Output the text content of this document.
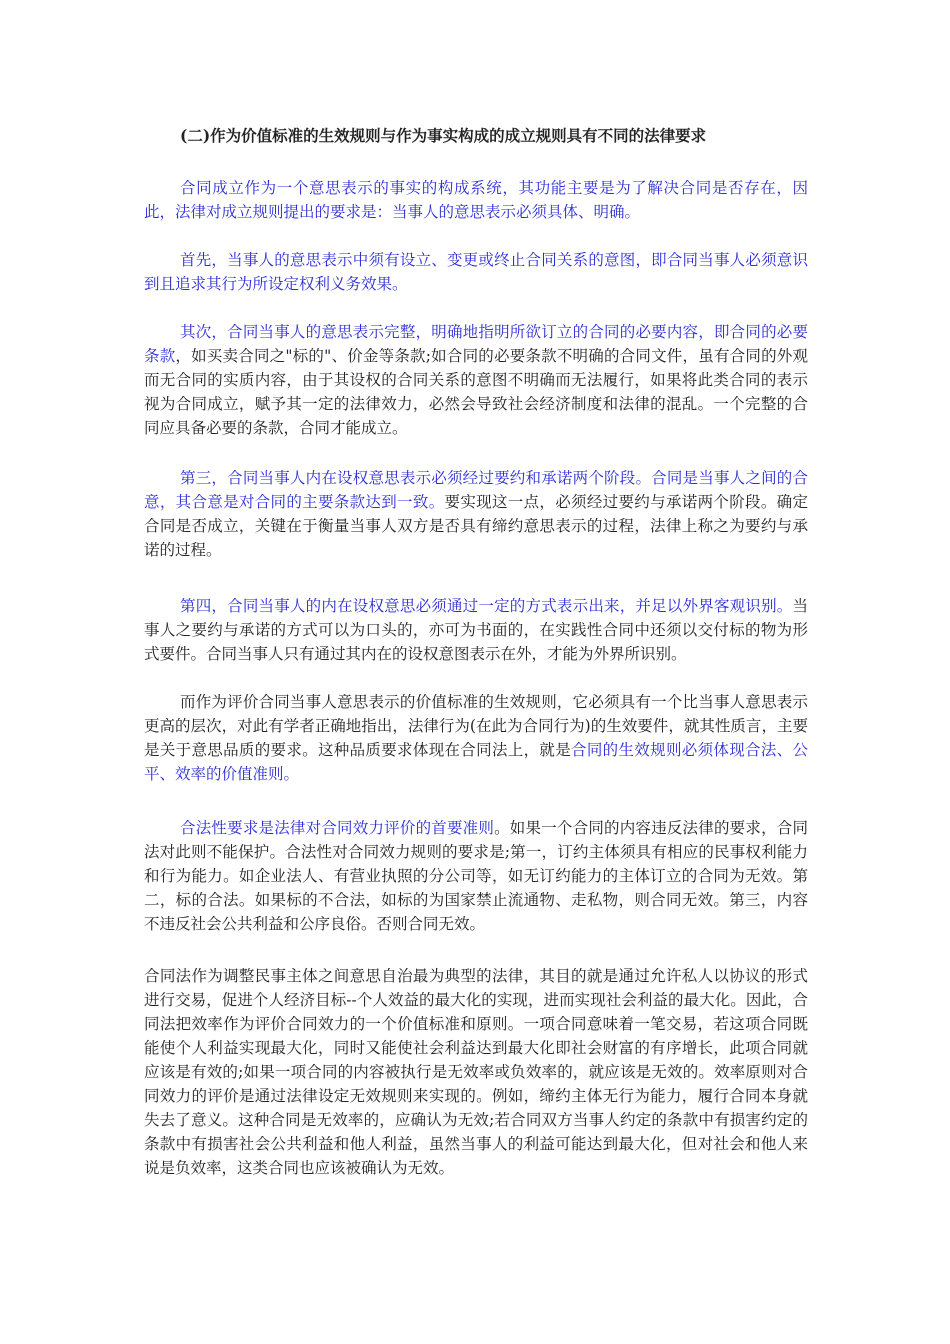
(二)作为价值标准的生效规则与作为事实构成的成立规则具有不同的法律要求

合同成立作为一个意思表示的事实的构成系统，其功能主要是为了解决合同是否存在，因此，法律对成立规则提出的要求是：当事人的意思表示必须具体、明确。

首先，当事人的意思表示中须有设立、变更或终止合同关系的意图，即合同当事人必须意识到且追求其行为所设定权利义务效果。

其次，合同当事人的意思表示完整，明确地指明所欲订立的合同的必要内容，即合同的必要条款，如买卖合同之"标的"、价金等条款;如合同的必要条款不明确的合同文件，虽有合同的外观而无合同的实质内容，由于其设权的合同关系的意图不明确而无法履行，如果将此类合同的表示视为合同成立，赋予其一定的法律效力，必然会导致社会经济制度和法律的混乱。一个完整的合同应具备必要的条款，合同才能成立。

第三，合同当事人内在设权意思表示必须经过要约和承诺两个阶段。合同是当事人之间的合意，其合意是对合同的主要条款达到一致。要实现这一点，必须经过要约与承诺两个阶段。确定合同是否成立，关键在于衡量当事人双方是否具有缔约意思表示的过程，法律上称之为要约与承诺的过程。

第四，合同当事人的内在设权意思必须通过一定的方式表示出来，并足以外界客观识别。当事人之要约与承诺的方式可以为口头的，亦可为书面的，在实践性合同中还须以交付标的物为形式要件。合同当事人只有通过其内在的设权意图表示在外，才能为外界所识别。

而作为评价合同当事人意思表示的价值标准的生效规则，它必须具有一个比当事人意思表示更高的层次，对此有学者正确地指出，法律行为(在此为合同行为)的生效要件，就其性质言，主要是关于意思品质的要求。这种品质要求体现在合同法上，就是合同的生效规则必须体现合法、公平、效率的价值准则。

合法性要求是法律对合同效力评价的首要准则。如果一个合同的内容违反法律的要求，合同法对此则不能保护。合法性对合同效力规则的要求是;第一，订约主体须具有相应的民事权利能力和行为能力。如企业法人、有营业执照的分公司等，如无订约能力的主体订立的合同为无效。第二，标的合法。如果标的不合法，如标的为国家禁止流通物、走私物，则合同无效。第三，内容不违反社会公共利益和公序良俗。否则合同无效。

合同法作为调整民事主体之间意思自治最为典型的法律，其目的就是通过允许私人以协议的形式进行交易，促进个人经济目标--个人效益的最大化的实现，进而实现社会利益的最大化。因此，合同法把效率作为评价合同效力的一个价值标准和原则。一项合同意味着一笔交易，若这项合同既能使个人利益实现最大化，同时又能使社会利益达到最大化即社会财富的有序增长，此项合同就应该是有效的;如果一项合同的内容被执行是无效率或负效率的，就应该是无效的。效率原则对合同效力的评价是通过法律设定无效规则来实现的。例如，缔约主体无行为能力，履行合同本身就失去了意义。这种合同是无效率的，应确认为无效;若合同双方当事人约定的条款中有损害约定的条款中有损害社会公共利益和他人利益，虽然当事人的利益可能达到最大化，但对社会和他人来说是负效率，这类合同也应该被确认为无效。
